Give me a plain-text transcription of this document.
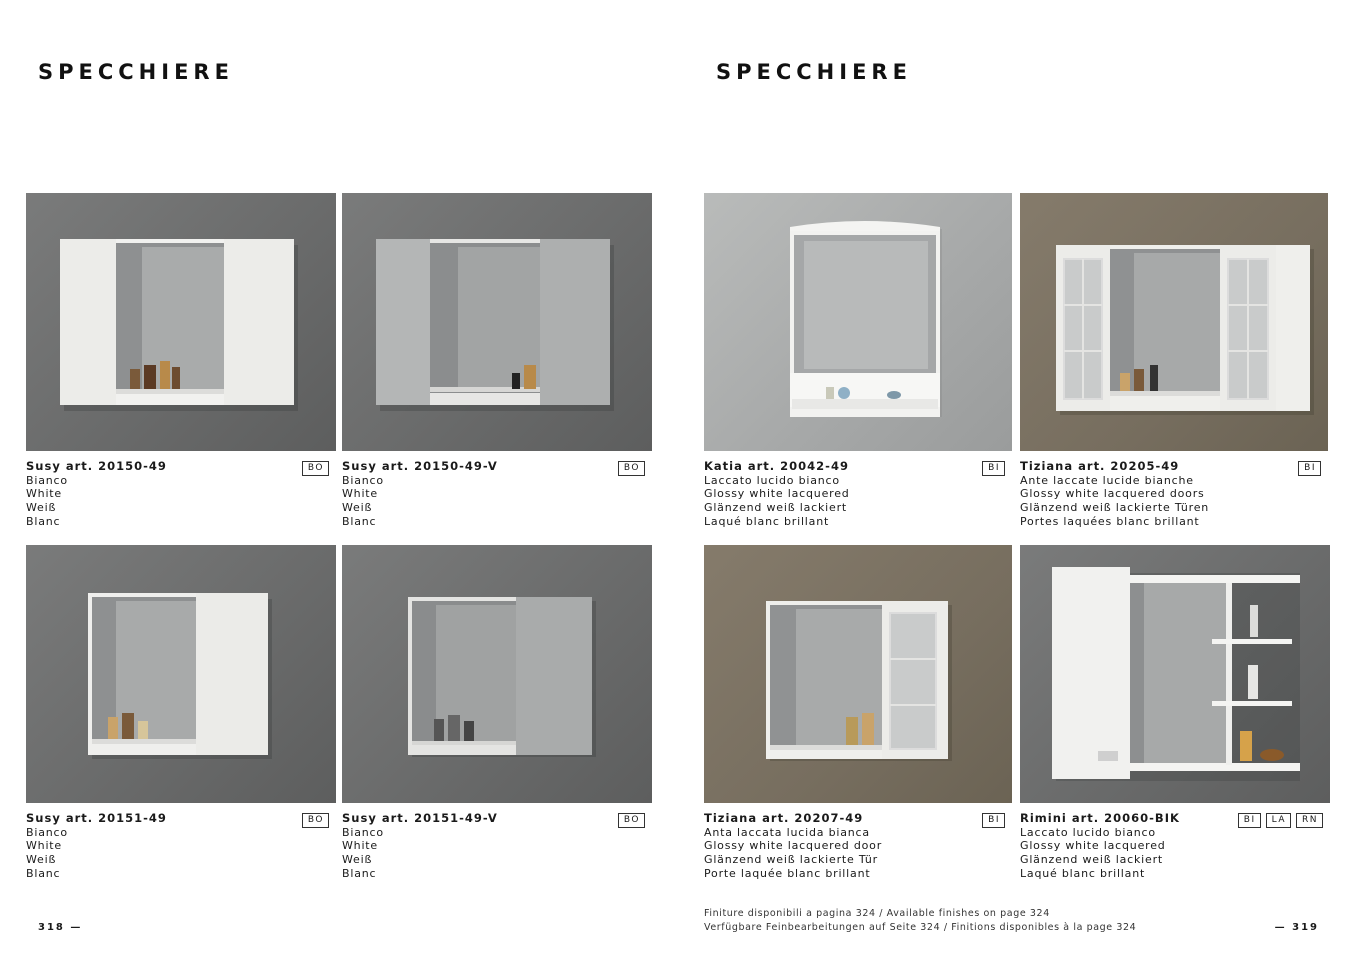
SPECCHIERE	SPECCHIERE
Susy art. 20150-49
Bianco
White
Weiß
Blanc
BO	Susy art. 20150-49-V
Bianco
White
Weiß
Blanc
BO
Susy art. 20151-49
Bianco
White
Weiß
Blanc
BO	Susy art. 20151-49-V
Bianco
White
Weiß
Blanc
BO
Katia art. 20042-49
Laccato lucido bianco
Glossy white lacquered
Glänzend weiß lackiert
Laqué blanc brillant
BI	Tiziana art. 20205-49
Ante laccate lucide bianche
Glossy white lacquered doors
Glänzend weiß lackierte Türen
Portes laquées blanc brillant
BI
Tiziana art. 20207-49
Anta laccata lucida bianca
Glossy white lacquered door
Glänzend weiß lackierte Tür
Porte laquée blanc brillant
BI	Rimini art. 20060-BIK
Laccato lucido bianco
Glossy white lacquered
Glänzend weiß lackiert
Laqué blanc brillant
BI	LA	RN
318 —
Finiture disponibili a pagina 324 / Available finishes on page 324
Verfügbare Feinbearbeitungen auf Seite 324 / Finitions disponibles à la page 324	— 319
